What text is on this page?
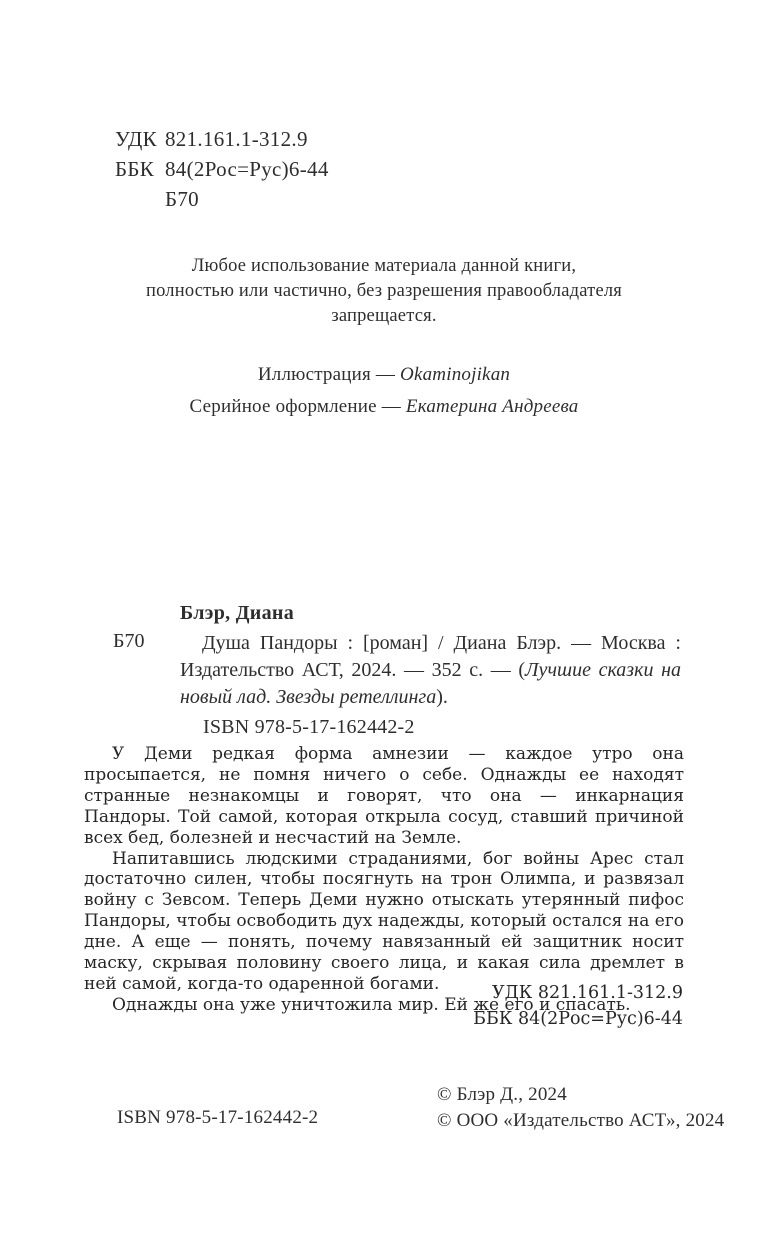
УДК 821.161.1-312.9
ББК 84(2Рос=Рус)6-44
Б70
Любое использование материала данной книги,
полностью или частично, без разрешения правообладателя
запрещается.
Иллюстрация — Okaminojikan
Серийное оформление — Екатерина Андреева
Блэр, Диана
Б70	Душа Пандоры : [роман] / Диана Блэр. — Москва : Издательство АСТ, 2024. — 352 с. — (Лучшие сказки на новый лад. Звезды ретеллинга).
ISBN 978-5-17-162442-2

У Деми редкая форма амнезии — каждое утро она просыпается, не помня ничего о себе. Однажды ее находят странные незнакомцы и говорят, что она — инкарнация Пандоры. Той самой, которая открыла сосуд, ставший причиной всех бед, болезней и несчастий на Земле.

Напитавшись людскими страданиями, бог войны Арес стал достаточно силен, чтобы посягнуть на трон Олимпа, и развязал войну с Зевсом. Теперь Деми нужно отыскать утерянный пифос Пандоры, чтобы освободить дух надежды, который остался на его дне. А еще — понять, почему навязанный ей защитник носит маску, скрывая половину своего лица, и какая сила дремлет в ней самой, когда-то одаренной богами.

Однажды она уже уничтожила мир. Ей же его и спасать.

УДК 821.161.1-312.9
ББК 84(2Рос=Рус)6-44
ISBN 978-5-17-162442-2
© Блэр Д., 2024
© ООО «Издательство АСТ», 2024
